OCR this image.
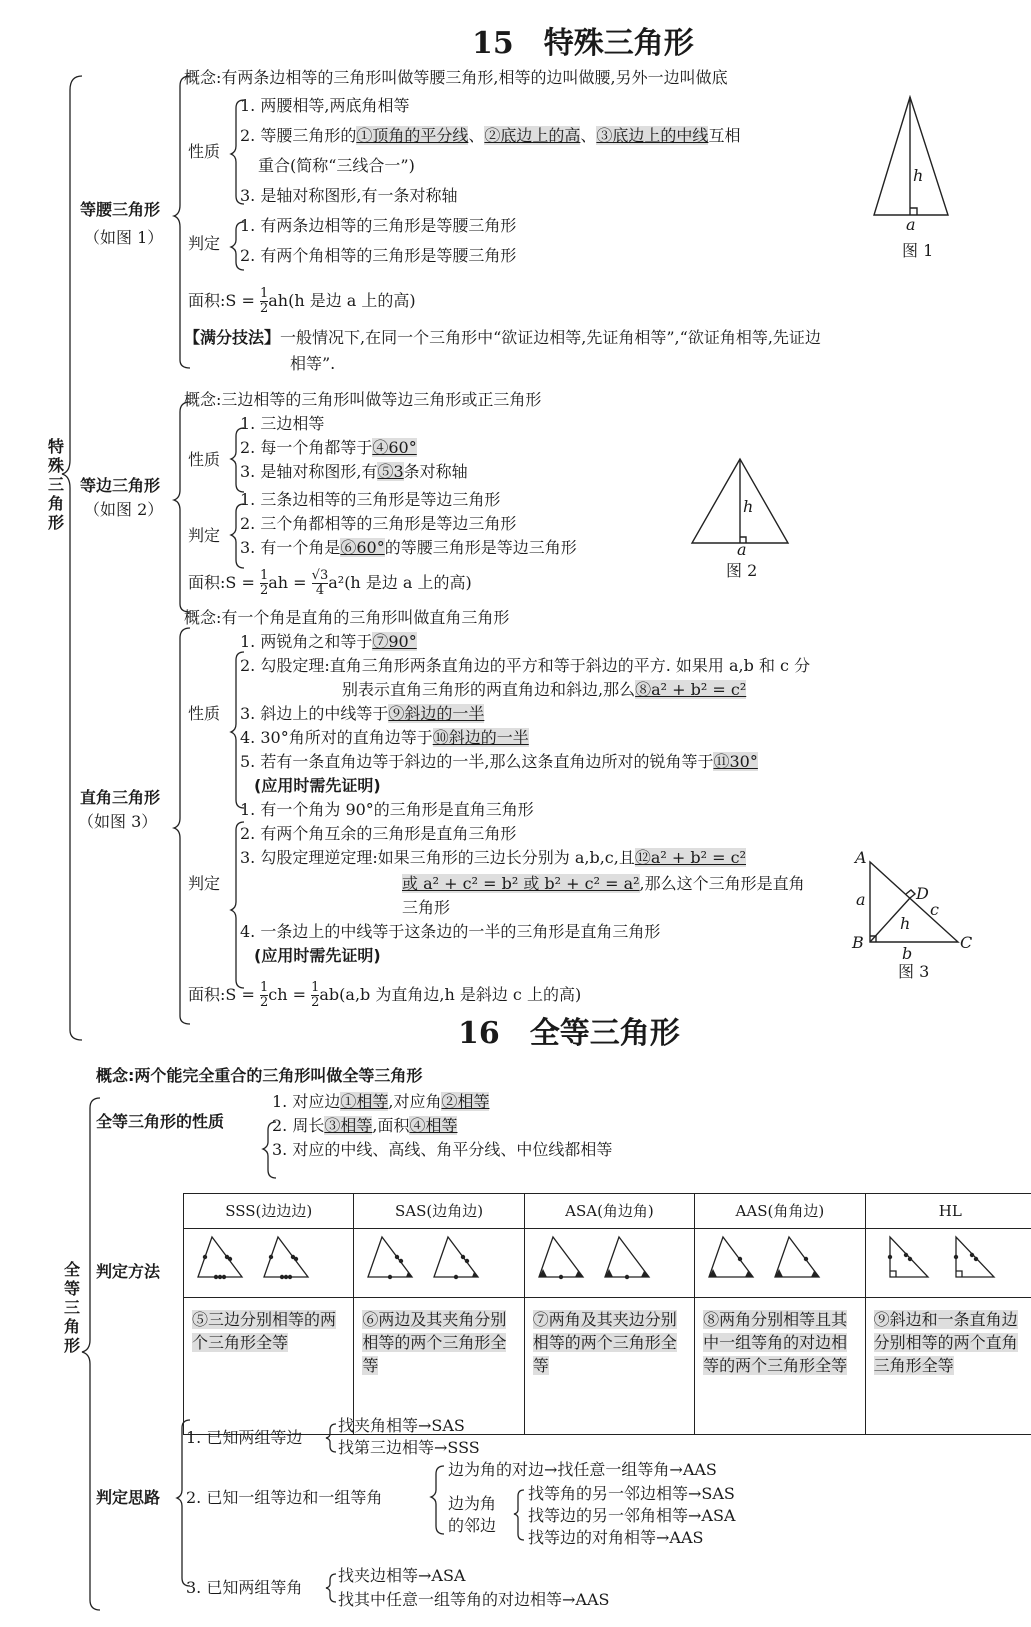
15　特殊三角形
特殊三角形
等腰三角形
（如图 1）
概念:有两条边相等的三角形叫做等腰三角形,相等的边叫做腰,另外一边叫做底
性质
1. 两腰相等,两底角相等
2. 等腰三角形的①顶角的平分线、②底边上的高、③底边上的中线互相
重合(简称“三线合一”)
3. 是轴对称图形,有一条对称轴
判定
1. 有两条边相等的三角形是等腰三角形
2. 有两个角相等的三角形是等腰三角形
面积:S = $\frac{1}{2} ah(h$ 是边 a 上的高)
【满分技法】一般情况下,在同一个三角形中“欲证边相等,先证角相等”,“欲证角相等,先证边
相等”.
h
a
图 1
等边三角形
（如图 2）
概念:三边相等的三角形叫做等边三角形或正三角形
性质
1. 三边相等
2. 每一个角都等于④60°
3. 是轴对称图形,有⑤3条对称轴
判定
1. 三条边相等的三角形是等边三角形
2. 三个角都相等的三角形是等边三角形
3. 有一个角是⑥60°的等腰三角形是等边三角形
面积:S = $\frac{1}{2}$ ah = $\frac{√3}{4} a^2(h$ 是边 a 上的高)
h
a
图 2
直角三角形
（如图 3）
概念:有一个角是直角的三角形叫做直角三角形
性质
1. 两锐角之和等于⑦90°
2. 勾股定理:直角三角形两条直角边的平方和等于斜边的平方. 如果用 a,b 和 c 分
别表示直角三角形的两直角边和斜边,那么⑧a² + b² = c²
3. 斜边上的中线等于⑨斜边的一半
4. 30°角所对的直角边等于⑩斜边的一半
5. 若有一条直角边等于斜边的一半,那么这条直角边所对的锐角等于⑪30°
(应用时需先证明)
判定
1. 有一个角为 90°的三角形是直角三角形
2. 有两个角互余的三角形是直角三角形
3. 勾股定理逆定理:如果三角形的三边长分别为 a,b,c,且⑫a² + b² = c²
或 a² + c² = b² 或 b² + c² = a²,那么这个三角形是直角
三角形
4. 一条边上的中线等于这条边的一半的三角形是直角三角形
(应用时需先证明)
面积:S = $\frac{1}{2}$ ch = $\frac{1}{2} ab(a,b$ 为直角边,h 是斜边 c 上的高)
A
B	C
D
a
b
c
h
图 3
16　全等三角形
全等三角形
概念:两个能完全重合的三角形叫做全等三角形
全等三角形的性质
1. 对应边①相等,对应角②相等
2. 周长③相等,面积④相等
3. 对应的中线、高线、角平分线、中位线都相等
判定方法
SSS(边边边)	SAS(边角边)	ASA(角边角)	AAS(角角边)	HL

⑤三边分别相等的两个三角形全等	⑥两边及其夹角分别相等的两个三角形全等	⑦两角及其夹边分别相等的两个三角形全等	⑧两角分别相等且其中一组等角的对边相等的两个三角形全等	⑨斜边和一条直角边分别相等的两个直角三角形全等
判定思路
1. 已知两组等边
找夹角相等→SAS
找第三边相等→SSS
2. 已知一组等边和一组等角
边为角的对边→找任意一组等角→AAS
边为角
的邻边
找等角的另一邻边相等→SAS
找等边的另一邻角相等→ASA
找等边的对角相等→AAS
3. 已知两组等角
找夹边相等→ASA
找其中任意一组等角的对边相等→AAS
